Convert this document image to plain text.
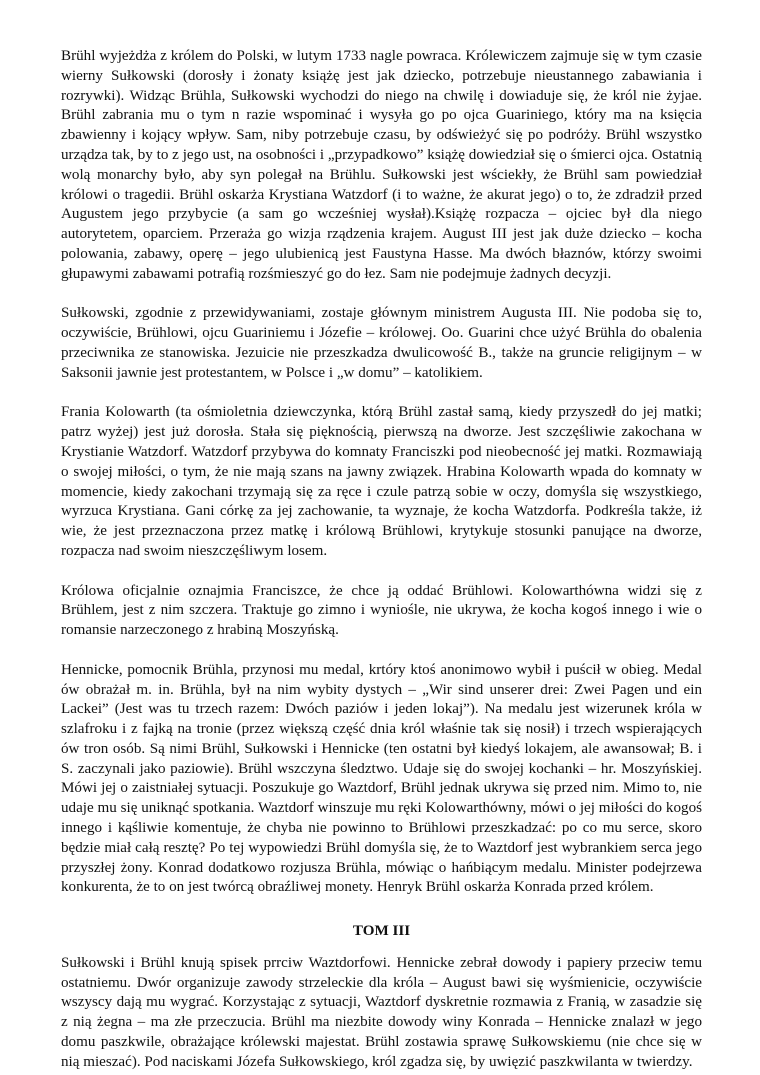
Brühl wyjeżdża z królem do Polski, w lutym 1733 nagle powraca. Królewiczem zajmuje się w tym czasie wierny Sułkowski (dorosły i żonaty książę jest jak dziecko, potrzebuje nieustannego zabawiania i rozrywki). Widząc Brühla, Sułkowski wychodzi do niego na chwilę i dowiaduje się, że król nie żyjae. Brühl zabrania mu o tym n razie wspominać i wysyła go po ojca Guariniego, który ma na księcia zbawienny i kojący wpływ. Sam, niby potrzebuje czasu, by odświeżyć się po podróży. Brühl wszystko urządza tak, by to z jego ust, na osobności i „przypadkowo” książę dowiedział się o śmierci ojca. Ostatnią wolą monarchy było, aby syn polegał na Brühlu. Sułkowski jest wściekły, że Brühl sam powiedział królowi o tragedii. Brühl oskarża Krystiana Watzdorf (i to ważne, że akurat jego) o to, że zdradził przed Augustem jego przybycie (a sam go wcześniej wysłał).Książę rozpacza – ojciec był dla niego autorytetem, oparciem. Przeraża go wizja rządzenia krajem. August III jest jak duże dziecko – kocha polowania, zabawy, operę – jego ulubienicą jest Faustyna Hasse. Ma dwóch błaznów, którzy swoimi głupawymi zabawami potrafią rozśmieszyć go do łez. Sam nie podejmuje żadnych decyzji.

Sułkowski, zgodnie z przewidywaniami, zostaje głównym ministrem Augusta III. Nie podoba się to, oczywiście, Brühlowi, ojcu Guariniemu i Józefie – królowej. Oo. Guarini chce użyć Brühla do obalenia przeciwnika ze stanowiska. Jezuicie nie przeszkadza dwulicowość B., także na gruncie religijnym – w Saksonii jawnie jest protestantem, w Polsce i „w domu” – katolikiem.

Frania Kolowarth (ta ośmioletnia dziewczynka, którą Brühl zastał samą, kiedy przyszedł do jej matki; patrz wyżej) jest już dorosła. Stała się pięknością, pierwszą na dworze. Jest szczęśliwie zakochana w Krystianie Watzdorf. Watzdorf przybywa do komnaty Franciszki pod nieobecność jej matki. Rozmawiają o swojej miłości, o tym, że nie mają szans na jawny związek. Hrabina Kolowarth wpada do komnaty w momencie, kiedy zakochani trzymają się za ręce i czule patrzą sobie w oczy, domyśla się wszystkiego, wyrzuca Krystiana. Gani córkę za jej zachowanie, ta wyznaje, że kocha Watzdorfa. Podkreśla także, iż wie, że jest przeznaczona przez matkę i królową Brühlowi, krytykuje stosunki panujące na dworze, rozpacza nad swoim nieszczęśliwym losem.

Królowa oficjalnie oznajmia Franciszce, że chce ją oddać Brühlowi. Kolowarthówna widzi się z Brühlem, jest z nim szczera. Traktuje go zimno i wyniośle, nie ukrywa, że kocha kogoś innego i wie o romansie narzeczonego z hrabiną Moszyńską.

Hennicke, pomocnik Brühla, przynosi mu medal, krtóry ktoś anonimowo wybił i puścił w obieg. Medal ów obrażał m. in. Brühla, był na nim wybity dystych – „Wir sind unserer drei: Zwei Pagen und ein Lackei” (Jest was tu trzech razem: Dwóch paziów i jeden lokaj”). Na medalu jest wizerunek króla w szlafroku i z fajką na tronie (przez większą część dnia król właśnie tak się nosił) i trzech wspierających ów tron osób. Są nimi Brühl, Sułkowski i Hennicke (ten ostatni był kiedyś lokajem, ale awansował; B. i S. zaczynali jako paziowie). Brühl wszczyna śledztwo. Udaje się do swojej kochanki – hr. Moszyńskiej. Mówi jej o zaistniałej sytuacji. Poszukuje go Waztdorf, Brühl jednak ukrywa się przed nim. Mimo to, nie udaje mu się uniknąć spotkania. Waztdorf winszuje mu ręki Kolowarthówny, mówi o jej miłości do kogoś innego i kąśliwie komentuje, że chyba nie powinno to Brühlowi przeszkadzać: po co mu serce, skoro będzie miał całą resztę? Po tej wypowiedzi Brühl domyśla się, że to Waztdorf jest wybrankiem serca jego przyszłej żony. Konrad dodatkowo rozjusza Brühla, mówiąc o hańbiącym medalu. Minister podejrzewa konkurenta, że to on jest twórcą obraźliwej monety. Henryk Brühl oskarża Konrada przed królem.

TOM III

Sułkowski i Brühl knują spisek prrciw Waztdorfowi. Hennicke zebrał dowody i papiery przeciw temu ostatniemu. Dwór organizuje zawody strzeleckie dla króla – August bawi się wyśmienicie, oczywiście wszyscy dają mu wygrać. Korzystając z sytuacji, Waztdorf dyskretnie rozmawia z Franią, w zasadzie się z nią żegna – ma złe przeczucia. Brühl ma niezbite dowody winy Konrada – Hennicke znalazł w jego domu paszkwile, obrażające królewski majestat. Brühl zostawia sprawę Sułkowskiemu (nie chce się w nią mieszać). Pod naciskami Józefa Sułkowskiego, król zgadza się, by uwięzić paszkwilanta w twierdzy.
